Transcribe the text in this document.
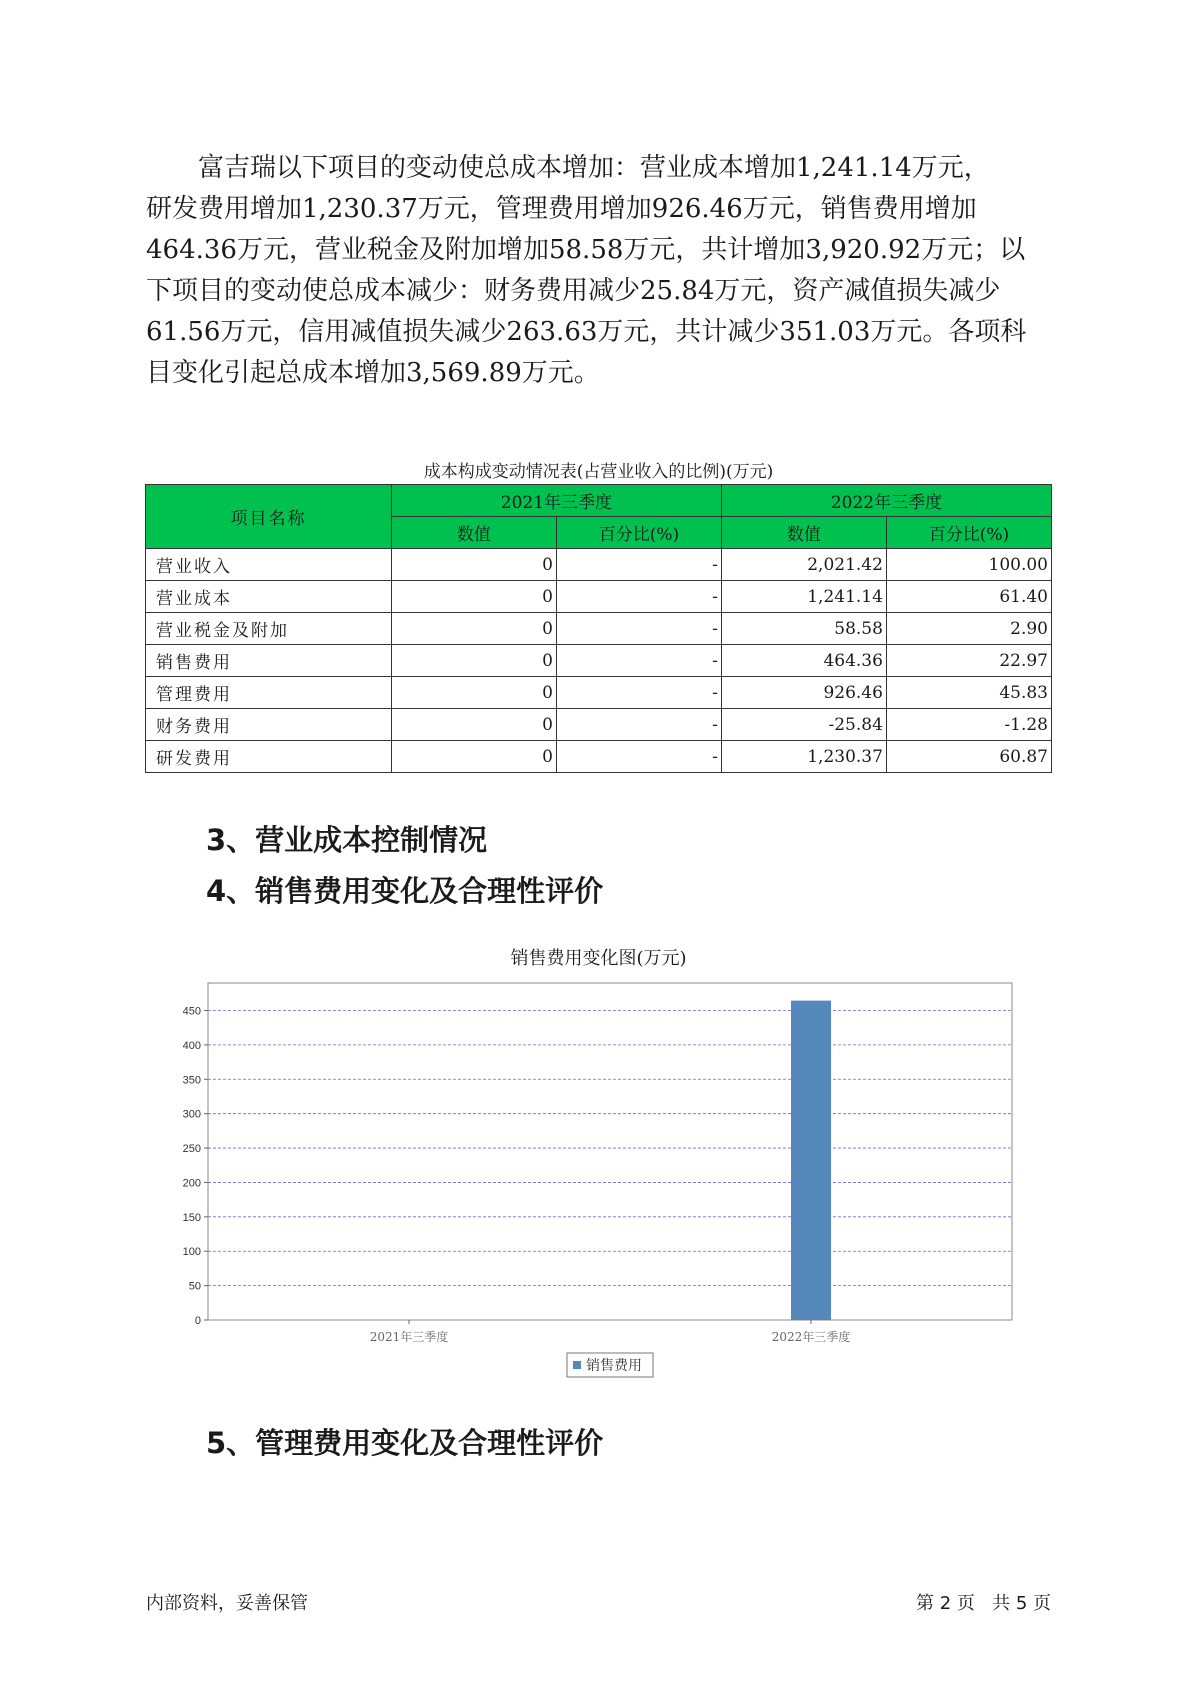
富吉瑞以下项目的变动使总成本增加：营业成本增加1,241.14万元，
研发费用增加1,230.37万元，管理费用增加926.46万元，销售费用增加
464.36万元，营业税金及附加增加58.58万元，共计增加3,920.92万元；以
下项目的变动使总成本减少：财务费用减少25.84万元，资产减值损失减少
61.56万元，信用减值损失减少263.63万元，共计减少351.03万元。各项科
目变化引起总成本增加3,569.89万元。
成本构成变动情况表(占营业收入的比例)(万元)
项目名称	2021年三季度		2022年三季度	
	数值	百分比(%)	数值	百分比(%)
营业收入	0	-	2,021.42	100.00
营业成本	0	-	1,241.14	61.40
营业税金及附加	0	-	58.58	2.90
销售费用	0	-	464.36	22.97
管理费用	0	-	926.46	45.83
财务费用	0	-	-25.84	-1.28
研发费用	0	-	1,230.37	60.87
3、营业成本控制情况
4、销售费用变化及合理性评价
销售费用变化图(万元)
0
50
100
150
200
250
300
350
400
450
2021年三季度	2022年三季度
销售费用
5、管理费用变化及合理性评价
内部资料，妥善保管	第 2 页   共 5 页
